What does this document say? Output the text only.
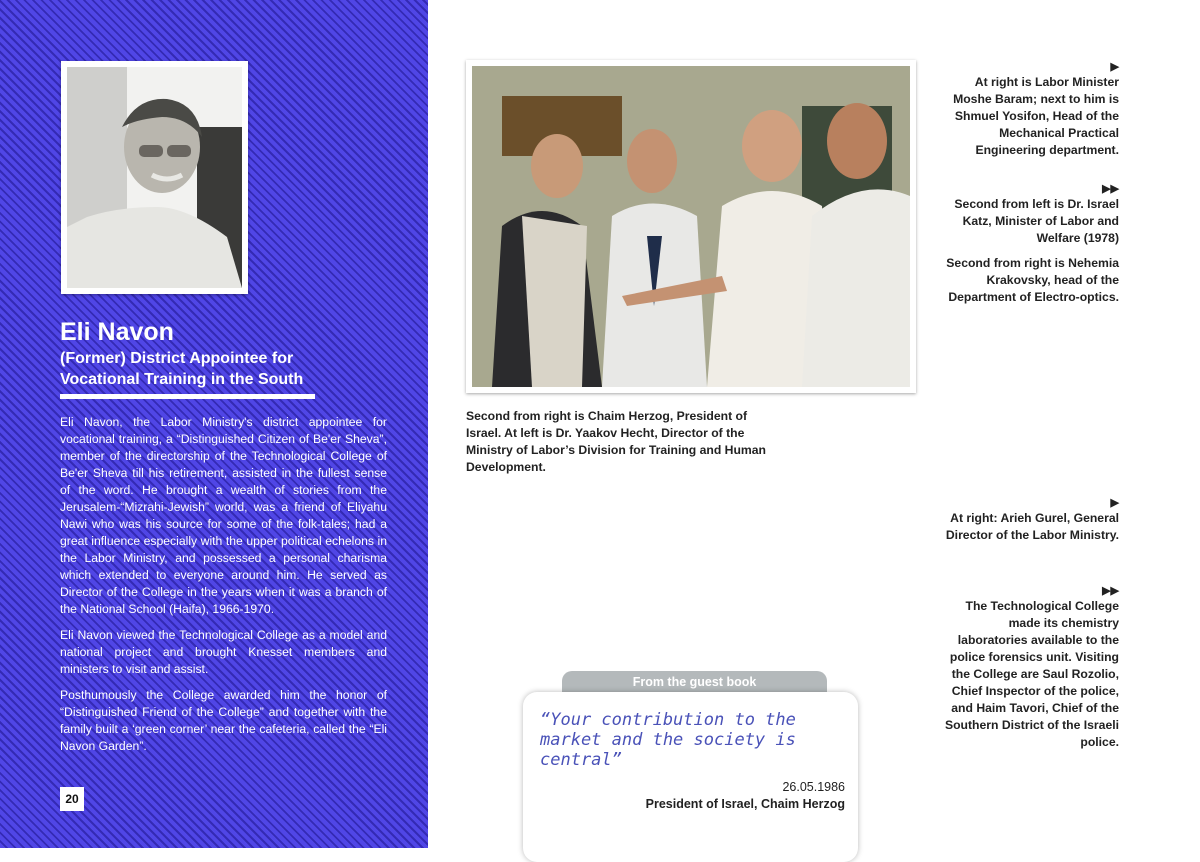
Eli Navon
(Former) District Appointee for
Vocational Training in the South

Eli Navon, the Labor Ministry's district appointee for vocational training, a “Distinguished Citizen of Be'er Sheva”, member of the directorship of the Technological College of Be'er Sheva till his retirement, assisted in the fullest sense of the word. He brought a wealth of stories from the Jerusalem-“Mizrahi-Jewish” world, was a friend of Eliyahu Nawi who was his source for some of the folk-tales; had a great influence especially with the upper political echelons in the Labor Ministry, and possessed a personal charisma which extended to everyone around him. He served as Director of the College in the years when it was a branch of the National School (Haifa), 1966-1970.

Eli Navon viewed the Technological College as a model and national project and brought Knesset members and ministers to visit and assist.

Posthumously the College awarded him the honor of “Distinguished Friend of the College” and together with the family built a ‘green corner’ near the cafeteria, called the “Eli Navon Garden”.

20
Second from right is Chaim Herzog, President of Israel. At left is Dr. Yaakov Hecht, Director of the Ministry of Labor’s Division for Training and Human Development.
▶
At right is Labor Minister Moshe Baram; next to him is Shmuel Yosifon, Head of the Mechanical Practical Engineering department.
▶▶
Second from left is Dr. Israel Katz, Minister of Labor and Welfare (1978)
Second from right is Nehemia Krakovsky, head of the Department of Electro-optics.
▶
At right: Arieh Gurel, General Director of the Labor Ministry.
▶▶
The Technological College made its chemistry laboratories available to the police forensics unit. Visiting the College are Saul Rozolio, Chief Inspector of the police, and Haim Tavori, Chief of the Southern District of the Israeli police.
From the guest book
“Your contribution to the market and the society is central”
26.05.1986
President of Israel, Chaim Herzog
